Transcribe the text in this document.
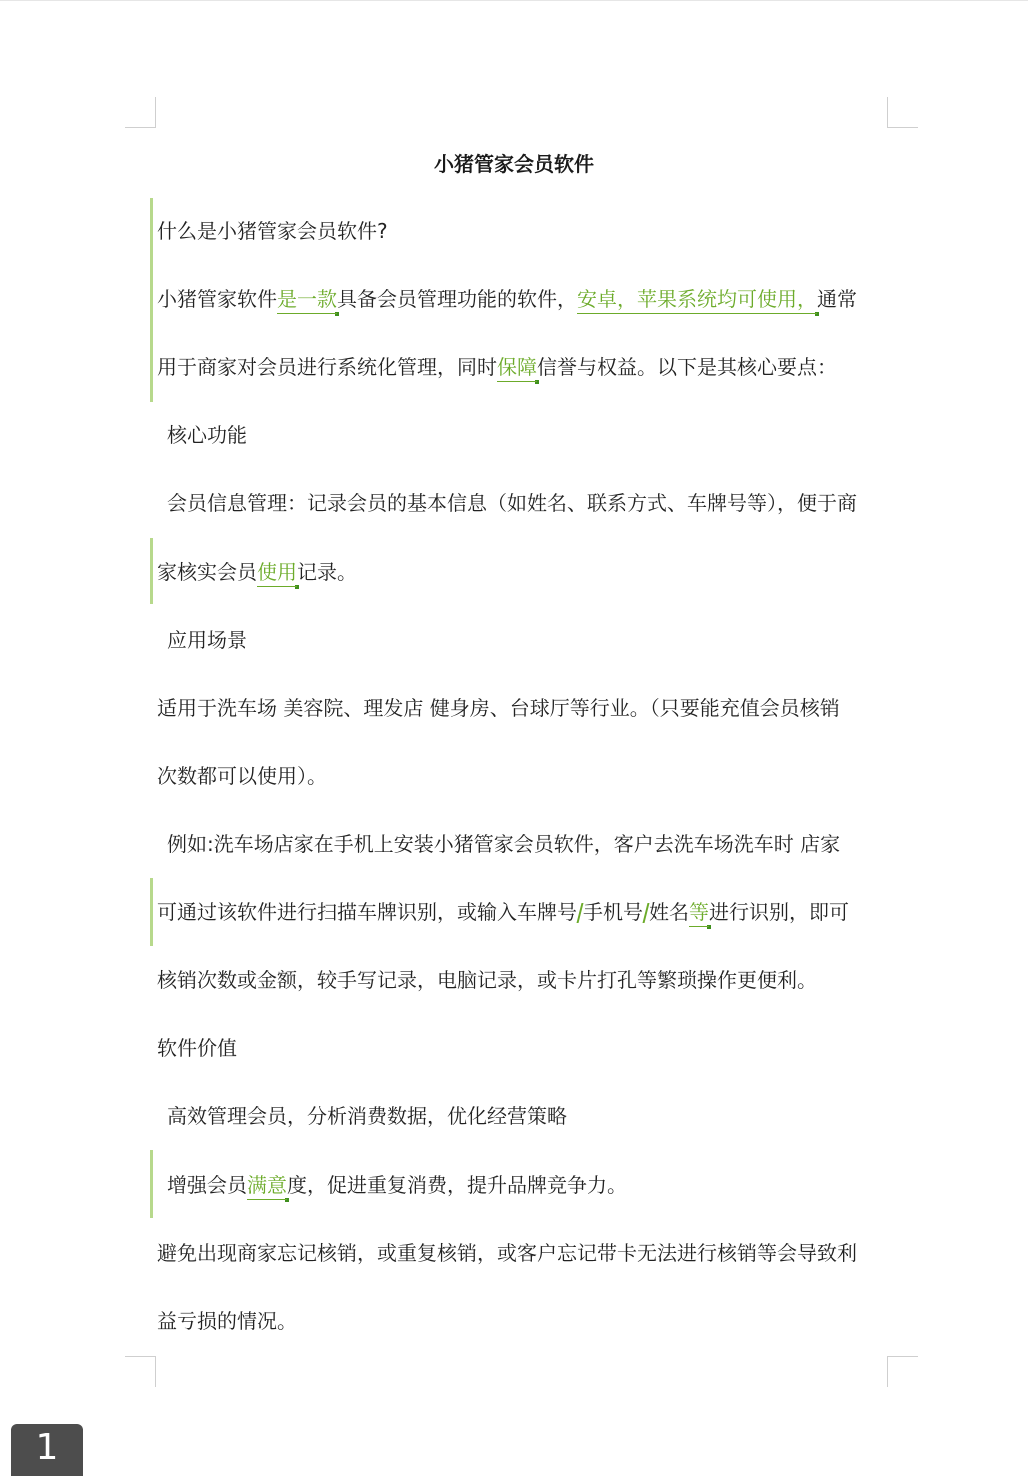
小猪管家会员软件
什么是小猪管家会员软件?
小猪管家软件是一款具备会员管理功能的软件，安卓，苹果系统均可使用，通常
用于商家对会员进行系统化管理，同时保障信誉与权益。以下是其核心要点：
核心功能
会员信息管理：记录会员的基本信息（如姓名、联系方式、车牌号等），便于商
家核实会员使用记录。
应用场景
适用于洗车场 美容院、理发店 健身房、台球厅等行业。（只要能充值会员核销
次数都可以使用）。
例如:洗车场店家在手机上安装小猪管家会员软件，客户去洗车场洗车时 店家
可通过该软件进行扫描车牌识别，或输入车牌号 手机号 姓名等进行识别，即可
核销次数或金额，较手写记录，电脑记录，或卡片打孔等繁琐操作更便利。
软件价值
高效管理会员，分析消费数据，优化经营策略
增强会员满意度，促进重复消费，提升品牌竞争力。
避免出现商家忘记核销，或重复核销，或客户忘记带卡无法进行核销等会导致利
益亏损的情况。
1
